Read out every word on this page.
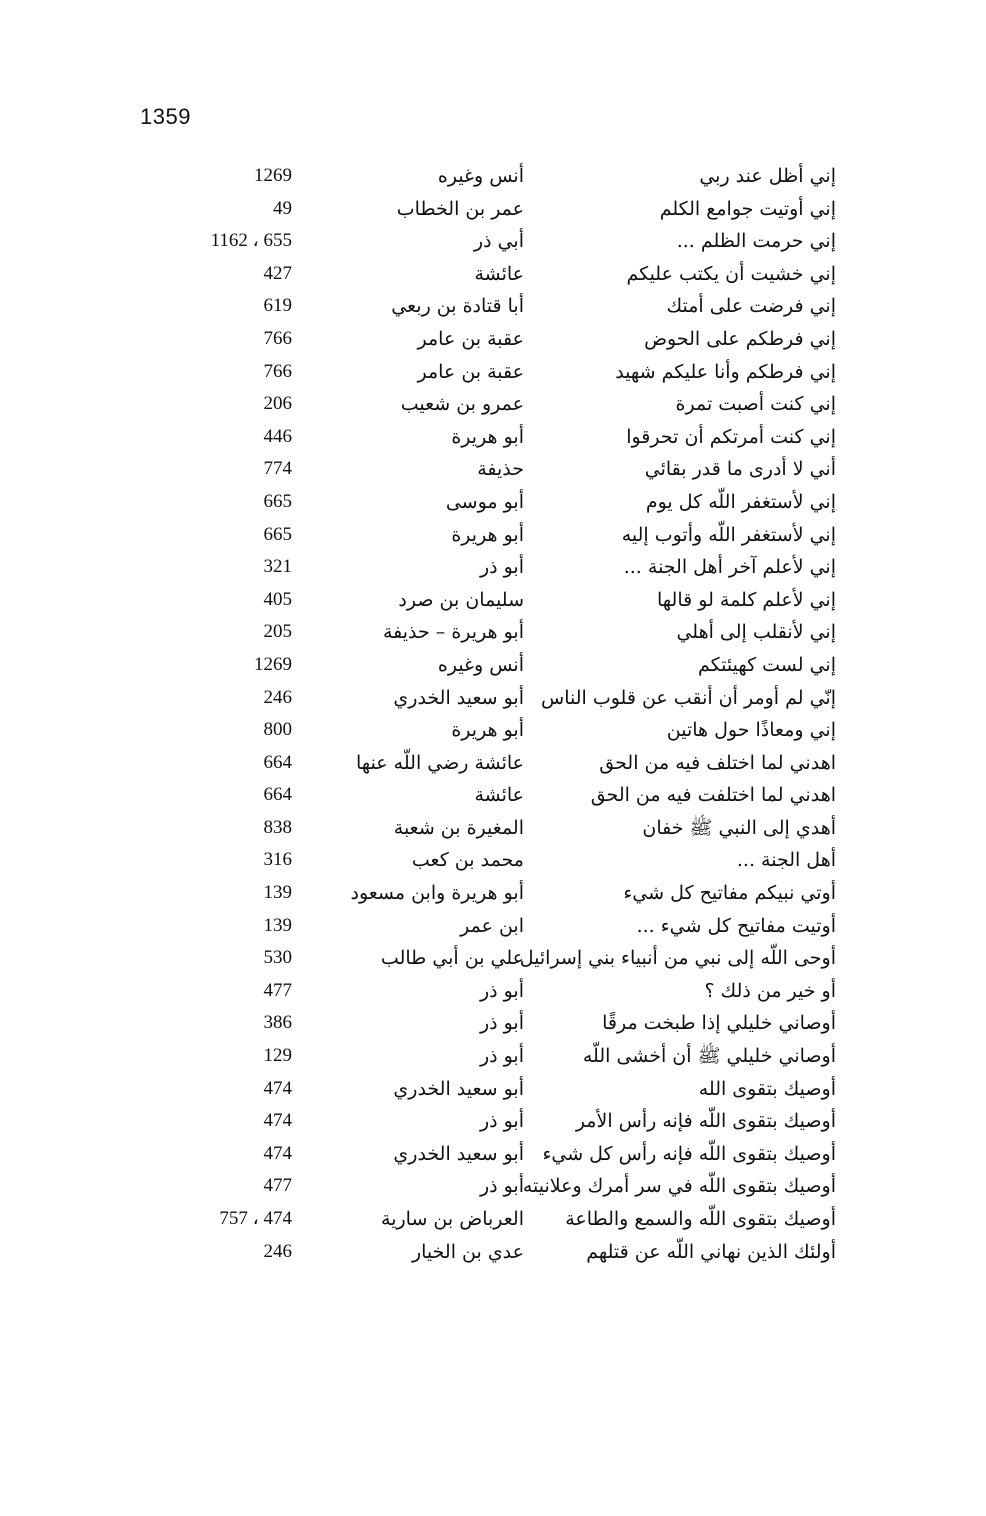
1359
إني أظل عند ربي
أنس وغيره
1269
إني أوتيت جوامع الكلم
عمر بن الخطاب
49
إني حرمت الظلم ...
أبي ذر
1162 ، 655
إني خشيت أن يكتب عليكم
عائشة
427
إني فرضت على أمتك
أبا قتادة بن ربعي
619
إني فرطكم على الحوض
عقبة بن عامر
766
إني فرطكم وأنا عليكم شهيد
عقبة بن عامر
766
إني كنت أصبت تمرة
عمرو بن شعيب
206
إني كنت أمرتكم أن تحرقوا
أبو هريرة
446
أني لا أدرى ما قدر بقائي
حذيفة
774
إني لأستغفر اللّه كل يوم
أبو موسى
665
إني لأستغفر اللّه وأتوب إليه
أبو هريرة
665
إني لأعلم آخر أهل الجنة ...
أبو ذر
321
إني لأعلم كلمة لو قالها
سليمان بن صرد
405
إني لأنقلب إلى أهلي
أبو هريرة – حذيفة
205
إني لست كهيئتكم
أنس وغيره
1269
إنّي لم أومر أن أنقب عن قلوب الناس
أبو سعيد الخدري
246
إني ومعاذًا حول هاتين
أبو هريرة
800
اهدني لما اختلف فيه من الحق
عائشة رضي اللّه عنها
664
اهدني لما اختلفت فيه من الحق
عائشة
664
أهدي إلى النبي ﷺ خفان
المغيرة بن شعبة
838
أهل الجنة ...
محمد بن كعب
316
أوتي نبيكم مفاتيح كل شيء
أبو هريرة وابن مسعود
139
أوتيت مفاتيح كل شيء ...
ابن عمر
139
أوحى اللّه إلى نبي من أنبياء بني إسرائيل
علي بن أبي طالب
530
أو خير من ذلك ؟
أبو ذر
477
أوصاني خليلي إذا طبخت مرقًا
أبو ذر
386
أوصاني خليلي ﷺ أن أخشى اللّه
أبو ذر
129
أوصيك بتقوى الله
أبو سعيد الخدري
474
أوصيك بتقوى اللّه فإنه رأس الأمر
أبو ذر
474
أوصيك بتقوى اللّه فإنه رأس كل شيء
أبو سعيد الخدري
474
أوصيك بتقوى اللّه في سر أمرك وعلانيته
أبو ذر
477
أوصيك بتقوى اللّه والسمع والطاعة
العرباض بن سارية
757 ، 474
أولئك الذين نهاني اللّه عن قتلهم
عدي بن الخيار
246
